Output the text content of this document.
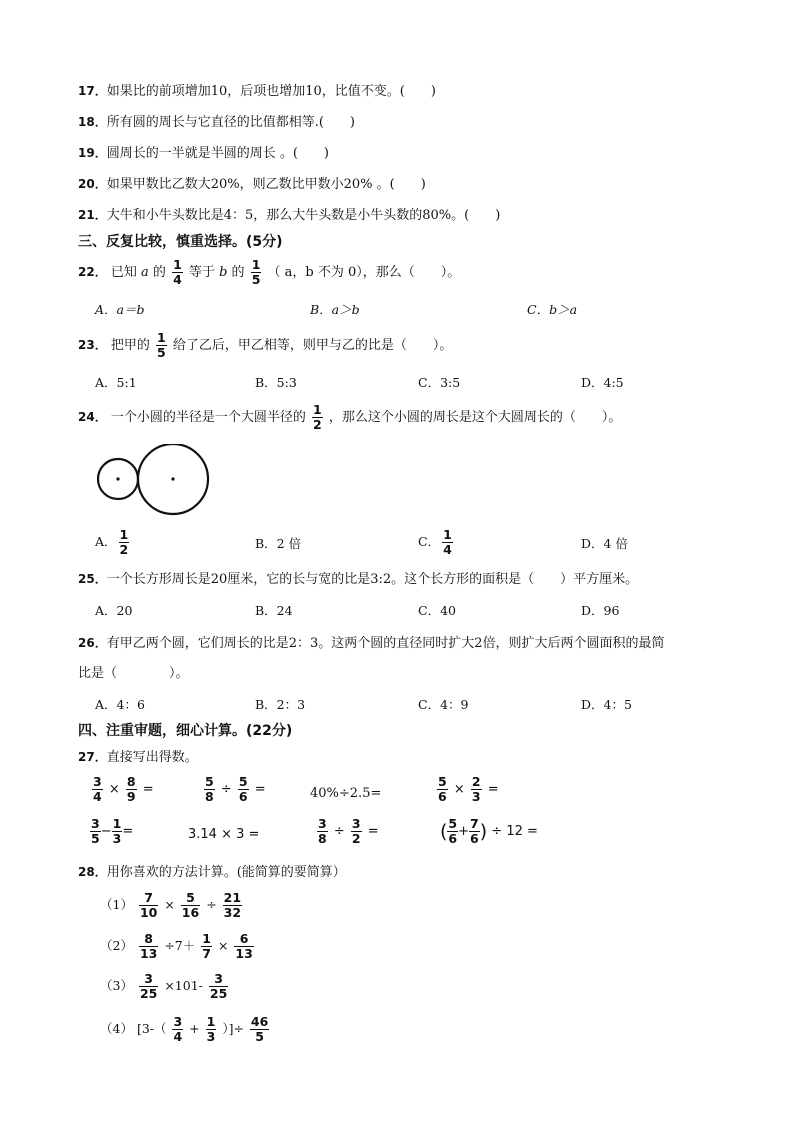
17．如果比的前项增加10，后项也增加10，比值不变。(　　)
18．所有圆的周长与它直径的比值都相等.(　　)
19．圆周长的一半就是半圆的周长 。(　　)
20．如果甲数比乙数大20%，则乙数比甲数小20% 。(　　)
21．大牛和小牛头数比是4：5，那么大牛头数是小牛头数的80%。(　　)
三、反复比较，慎重选择。(5分)
22． 已知 a 的 $\frac{1}{4}$ 等于 b 的 $\frac{1}{5}$ （ a，b 不为 0），那么（　　）。
A．a＝b	B．a＞b	C．b＞a
23． 把甲的 $\frac{1}{5}$ 给了乙后，甲乙相等，则甲与乙的比是（　　）。
A．5:1	B．5:3	C．3:5	D．4:5
24． 一个小圆的半径是一个大圆半径的 $\frac{1}{2}$ ，那么这个小圆的周长是这个大圆周长的（　　）。
A． $\frac{1}{2}$	B．2 倍	C． $\frac{1}{4}$	D．4 倍
25．一个长方形周长是20厘米，它的长与宽的比是3:2。这个长方形的面积是（　　）平方厘米。
A．20	B．24	C．40	D．96
26．有甲乙两个圆，它们周长的比是2：3。这两个圆的直径同时扩大2倍，则扩大后两个圆面积的最简
比是（　　　　）。
A．4：6	B．2：3	C．4：9	D．4：5
四、注重审题，细心计算。(22分)
27．直接写出得数。
$\frac{3}{4} \times \frac{8}{9}$ =	$\frac{5}{8} \div \frac{5}{6}$ =	40%÷2.5=	$\frac{5}{6} \times \frac{2}{3}$ =
$\frac{3}{5} - \frac{1}{3}$ =	3.14 × 3 =	$\frac{3}{8} \div \frac{3}{2}$ =	( $\frac{5}{6} + \frac{7}{6}$ ) ÷ 12 =
28．用你喜欢的方法计算。(能简算的要简算）
$(1) \frac{7}{10} \times \frac{5}{16} \div \frac{21}{32}$
$(2) \frac{8}{13} \div 7+ \frac{1}{7} \times \frac{6}{13}$
$(3) \frac{3}{25} \times 101- \frac{3}{25}$
（4） [$3-( \frac{3}{4} + \frac{1}{3}$ ）]÷ $\frac{46}{5}$
